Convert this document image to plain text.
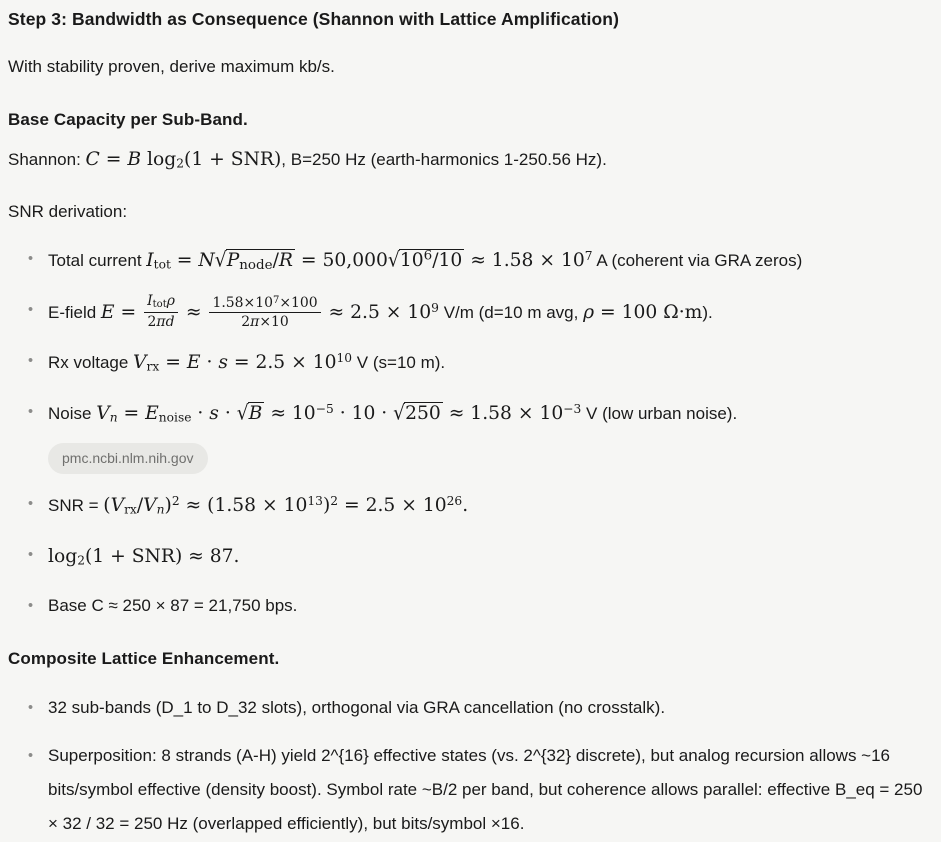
Step 3: Bandwidth as Consequence (Shannon with Lattice Amplification)

With stability proven, derive maximum kb/s.

Base Capacity per Sub-Band.

Shannon: C = B $\log_2(1 + SNR)$, B=250 Hz (earth-harmonics 1-250.56 Hz).

SNR derivation:

• Total current $I_{tot} = N√P_{node}/R = 50,000√10^6/10 \approx 1.58 \times 10^7$ A (coherent via GRA zeros)
• E-field $E = \frac{I_{tot}\rho}{2\pi d} \approx \frac{1.58\times 10^7\times 100}{2\pi\times 10} \approx 2.5 \times 10^9$ V/m (d=10 m avg, ρ = 100 Ω·m).
• Rx voltage $V_{rx} = E \cdot s = 2.5 \times 10^{10}$ V (s=10 m).
• Noise $Vn = E_{noise} \cdot s \cdot √B \approx 10^{-5} \cdot 10 \cdot √250 \approx 1.58 \times 10^{-3}$ V (low urban noise).
pmc.ncbi.nlm.nih.gov
• SNR = $(V_{rx}/Vn)^2 \approx (1.58 \times 10^{13})^2 = 2.5 \times 10^{26}$.
• $\log_2(1 + SNR) \approx 87$.
• Base C ≈ 250 × 87 = 21,750 bps.

Composite Lattice Enhancement.

• 32 sub-bands (D_1 to D_32 slots), orthogonal via GRA cancellation (no crosstalk).
• Superposition: 8 strands (A-H) yield 2^{16} effective states (vs. 2^{32} discrete), but analog recursion allows ~16 bits/symbol effective (density boost). Symbol rate ~B/2 per band, but coherence allows parallel: effective B_eq = 250 × 32 / 32 = 250 Hz (overlapped efficiently), but bits/symbol ×16.
